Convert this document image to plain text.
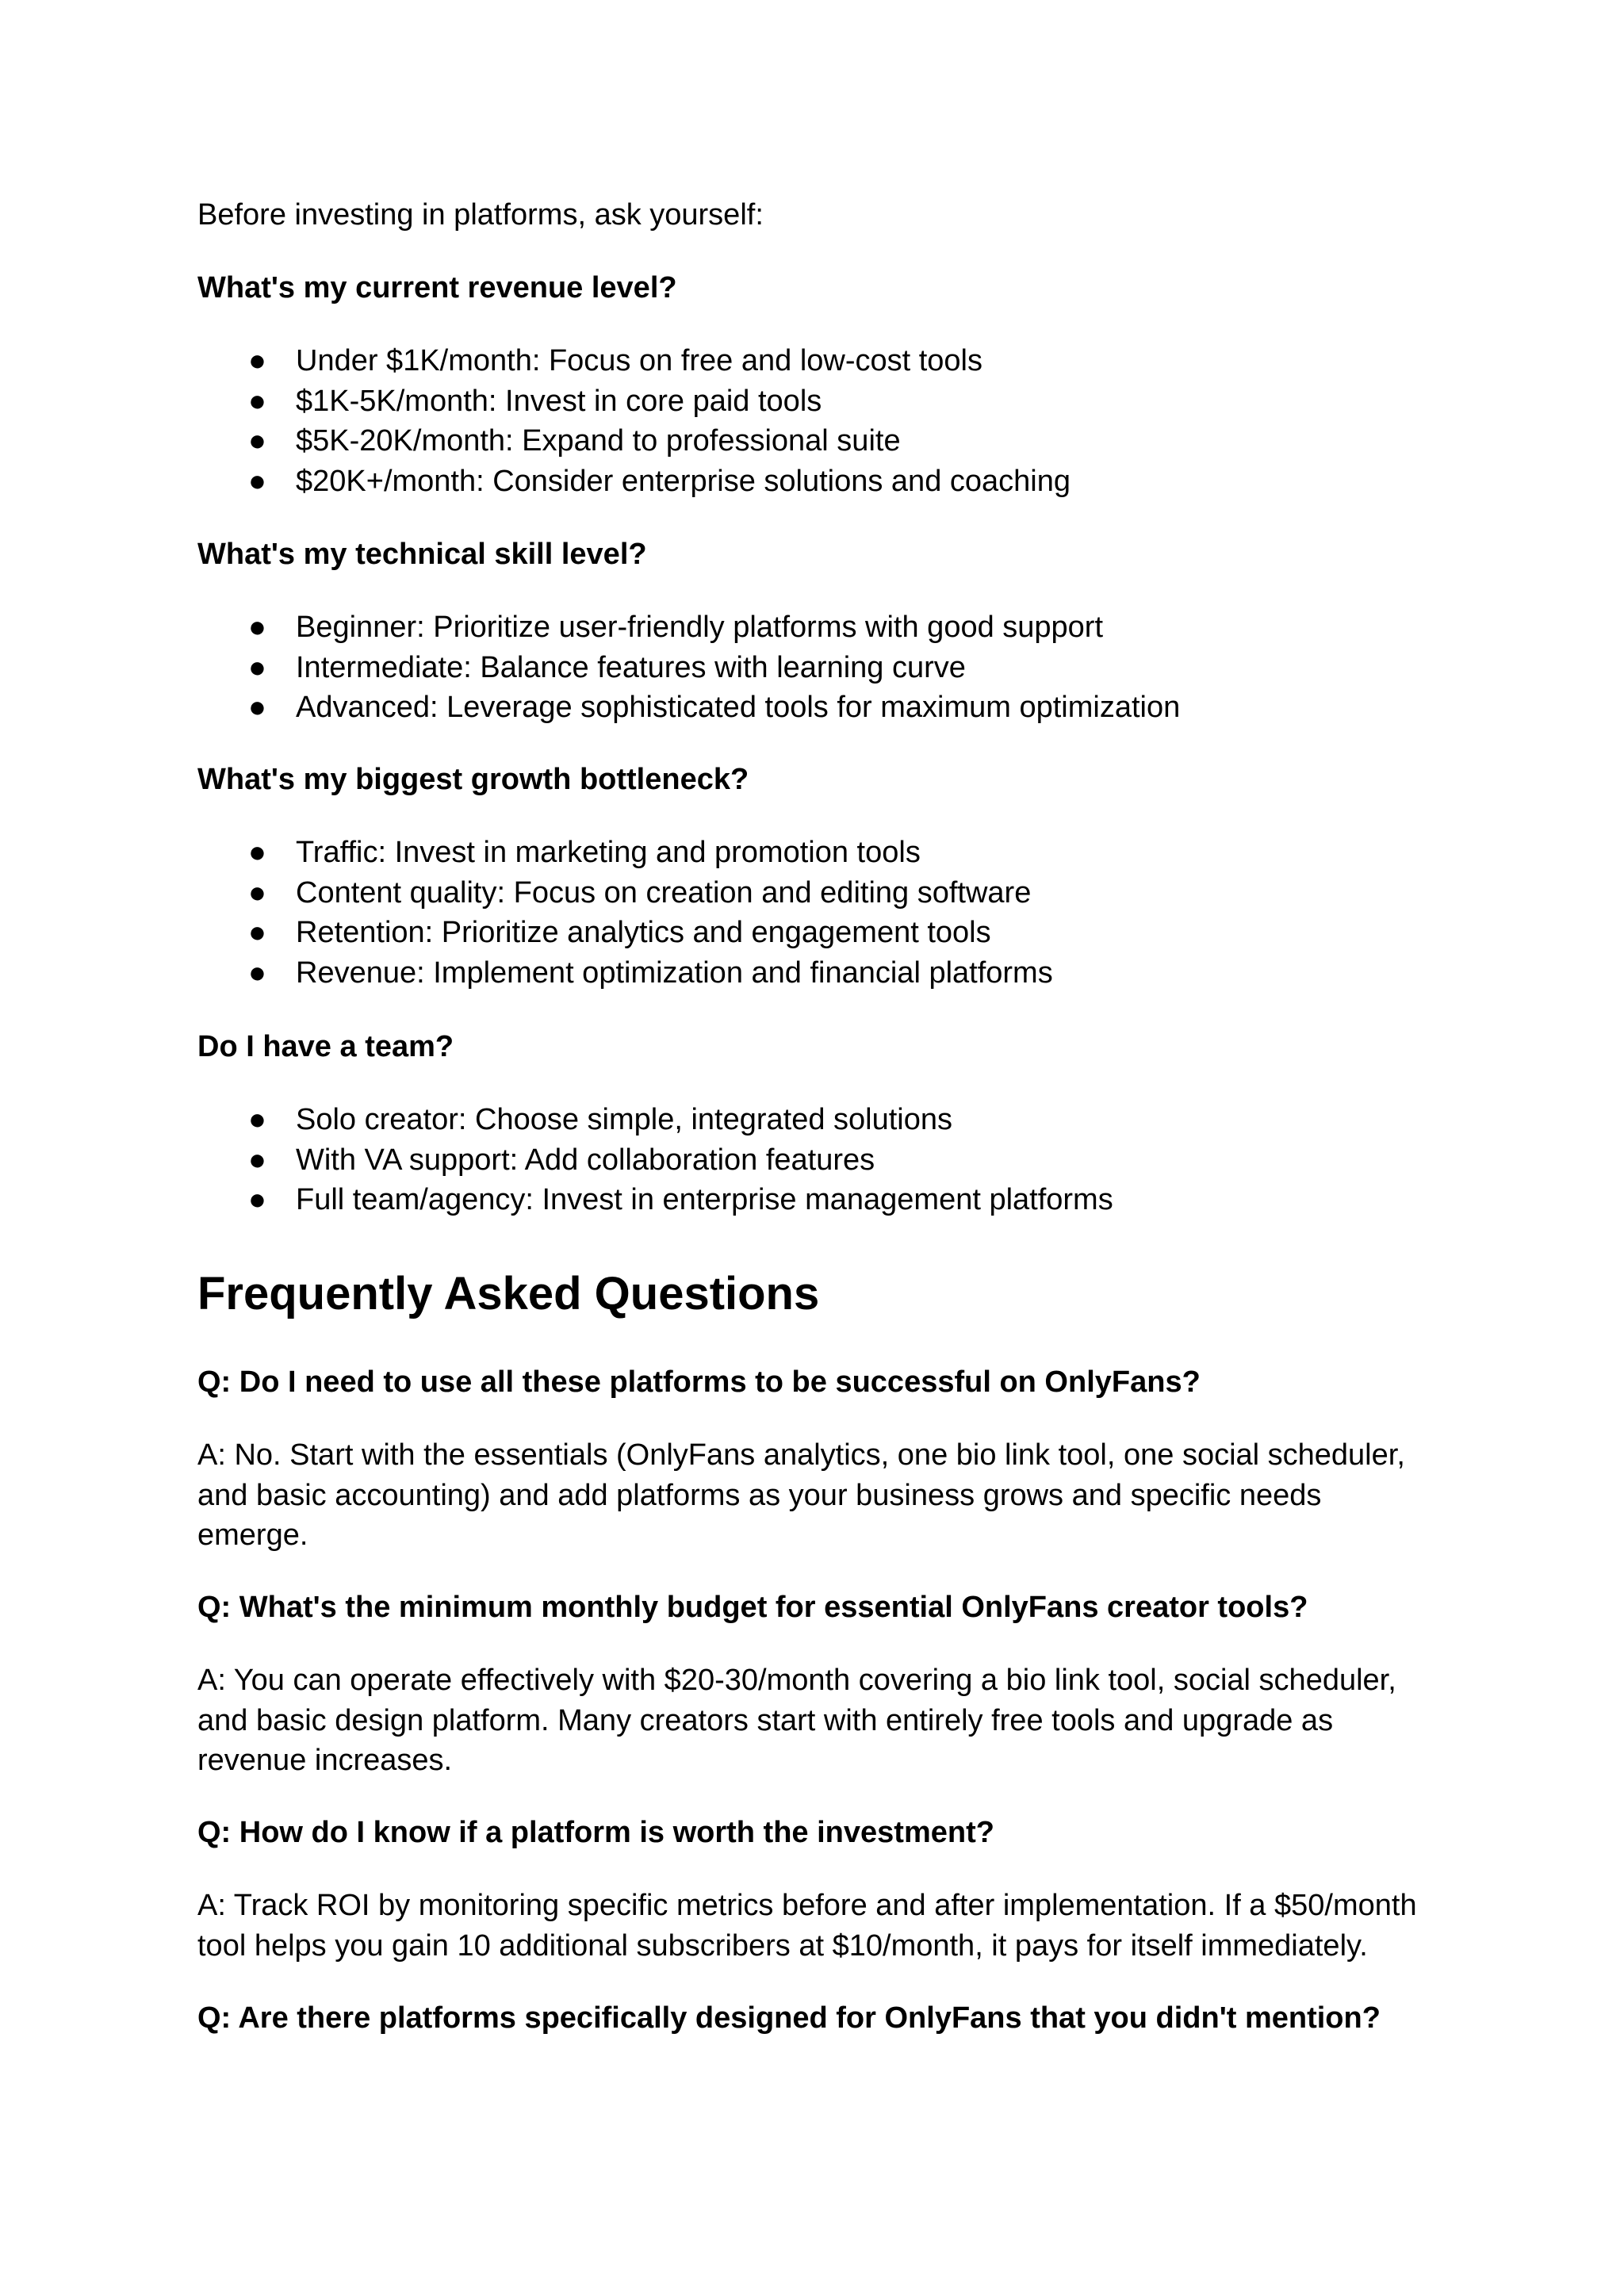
Before investing in platforms, ask yourself:

What's my current revenue level?

● Under $1K/month: Focus on free and low-cost tools
● $1K-5K/month: Invest in core paid tools
● $5K-20K/month: Expand to professional suite
● $20K+/month: Consider enterprise solutions and coaching

What's my technical skill level?

● Beginner: Prioritize user-friendly platforms with good support
● Intermediate: Balance features with learning curve
● Advanced: Leverage sophisticated tools for maximum optimization

What's my biggest growth bottleneck?

● Traffic: Invest in marketing and promotion tools
● Content quality: Focus on creation and editing software
● Retention: Prioritize analytics and engagement tools
● Revenue: Implement optimization and financial platforms

Do I have a team?

● Solo creator: Choose simple, integrated solutions
● With VA support: Add collaboration features
● Full team/agency: Invest in enterprise management platforms
Frequently Asked Questions

Q: Do I need to use all these platforms to be successful on OnlyFans?

A: No. Start with the essentials (OnlyFans analytics, one bio link tool, one social scheduler,
and basic accounting) and add platforms as your business grows and specific needs
emerge.

Q: What's the minimum monthly budget for essential OnlyFans creator tools?

A: You can operate effectively with $20-30/month covering a bio link tool, social scheduler,
and basic design platform. Many creators start with entirely free tools and upgrade as
revenue increases.

Q: How do I know if a platform is worth the investment?

A: Track ROI by monitoring specific metrics before and after implementation. If a $50/month
tool helps you gain 10 additional subscribers at $10/month, it pays for itself immediately.

Q: Are there platforms specifically designed for OnlyFans that you didn't mention?
